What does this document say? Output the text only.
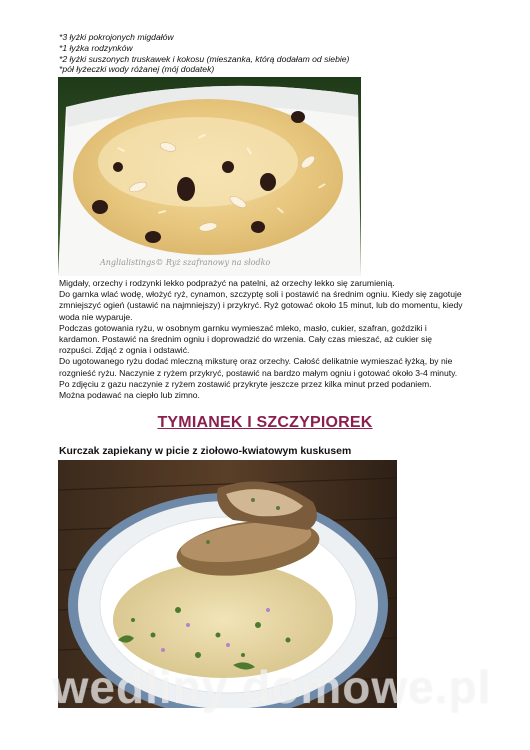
*3 łyżki pokrojonych migdałów
*1 łyżka rodzynków
*2 łyżki suszonych truskawek i kokosu (mieszanka, którą dodałam od siebie)
*pół łyżeczki wody różanej (mój dodatek)
Anglialistings© Ryż szafranowy na słodko

Migdały, orzechy i rodzynki lekko podprażyć na patelni, aż orzechy lekko się zarumienią.

Do garnka wlać wodę, włożyć ryż, cynamon, szczyptę soli i postawić na średnim ogniu. Kiedy się zagotuje

zmniejszyć ogień (ustawić na najmniejszy) i przykryć. Ryż gotować około 15 minut, lub do momentu, kiedy

woda nie wyparuje.

Podczas gotowania ryżu, w osobnym garnku wymieszać mleko, masło, cukier, szafran, goździki i

kardamon. Postawić na średnim ogniu i doprowadzić do wrzenia. Cały czas mieszać, aż cukier się

rozpuści. Zdjąć z ognia i odstawić.

Do ugotowanego ryżu dodać mleczną miksturę oraz orzechy. Całość delikatnie wymieszać łyżką, by nie

rozgnieść ryżu. Naczynie z ryżem przykryć, postawić na bardzo małym ogniu i gotować około 3-4 minuty.

Po zdjęciu z gazu naczynie z ryżem zostawić przykryte jeszcze przez kilka minut przed podaniem.

Można podawać na ciepło lub zimno.

TYMIANEK I SZCZYPIOREK
Kurczak zapiekany w picie z ziołowo-kwiatowym kuskusem
wedliny domowe.pl
